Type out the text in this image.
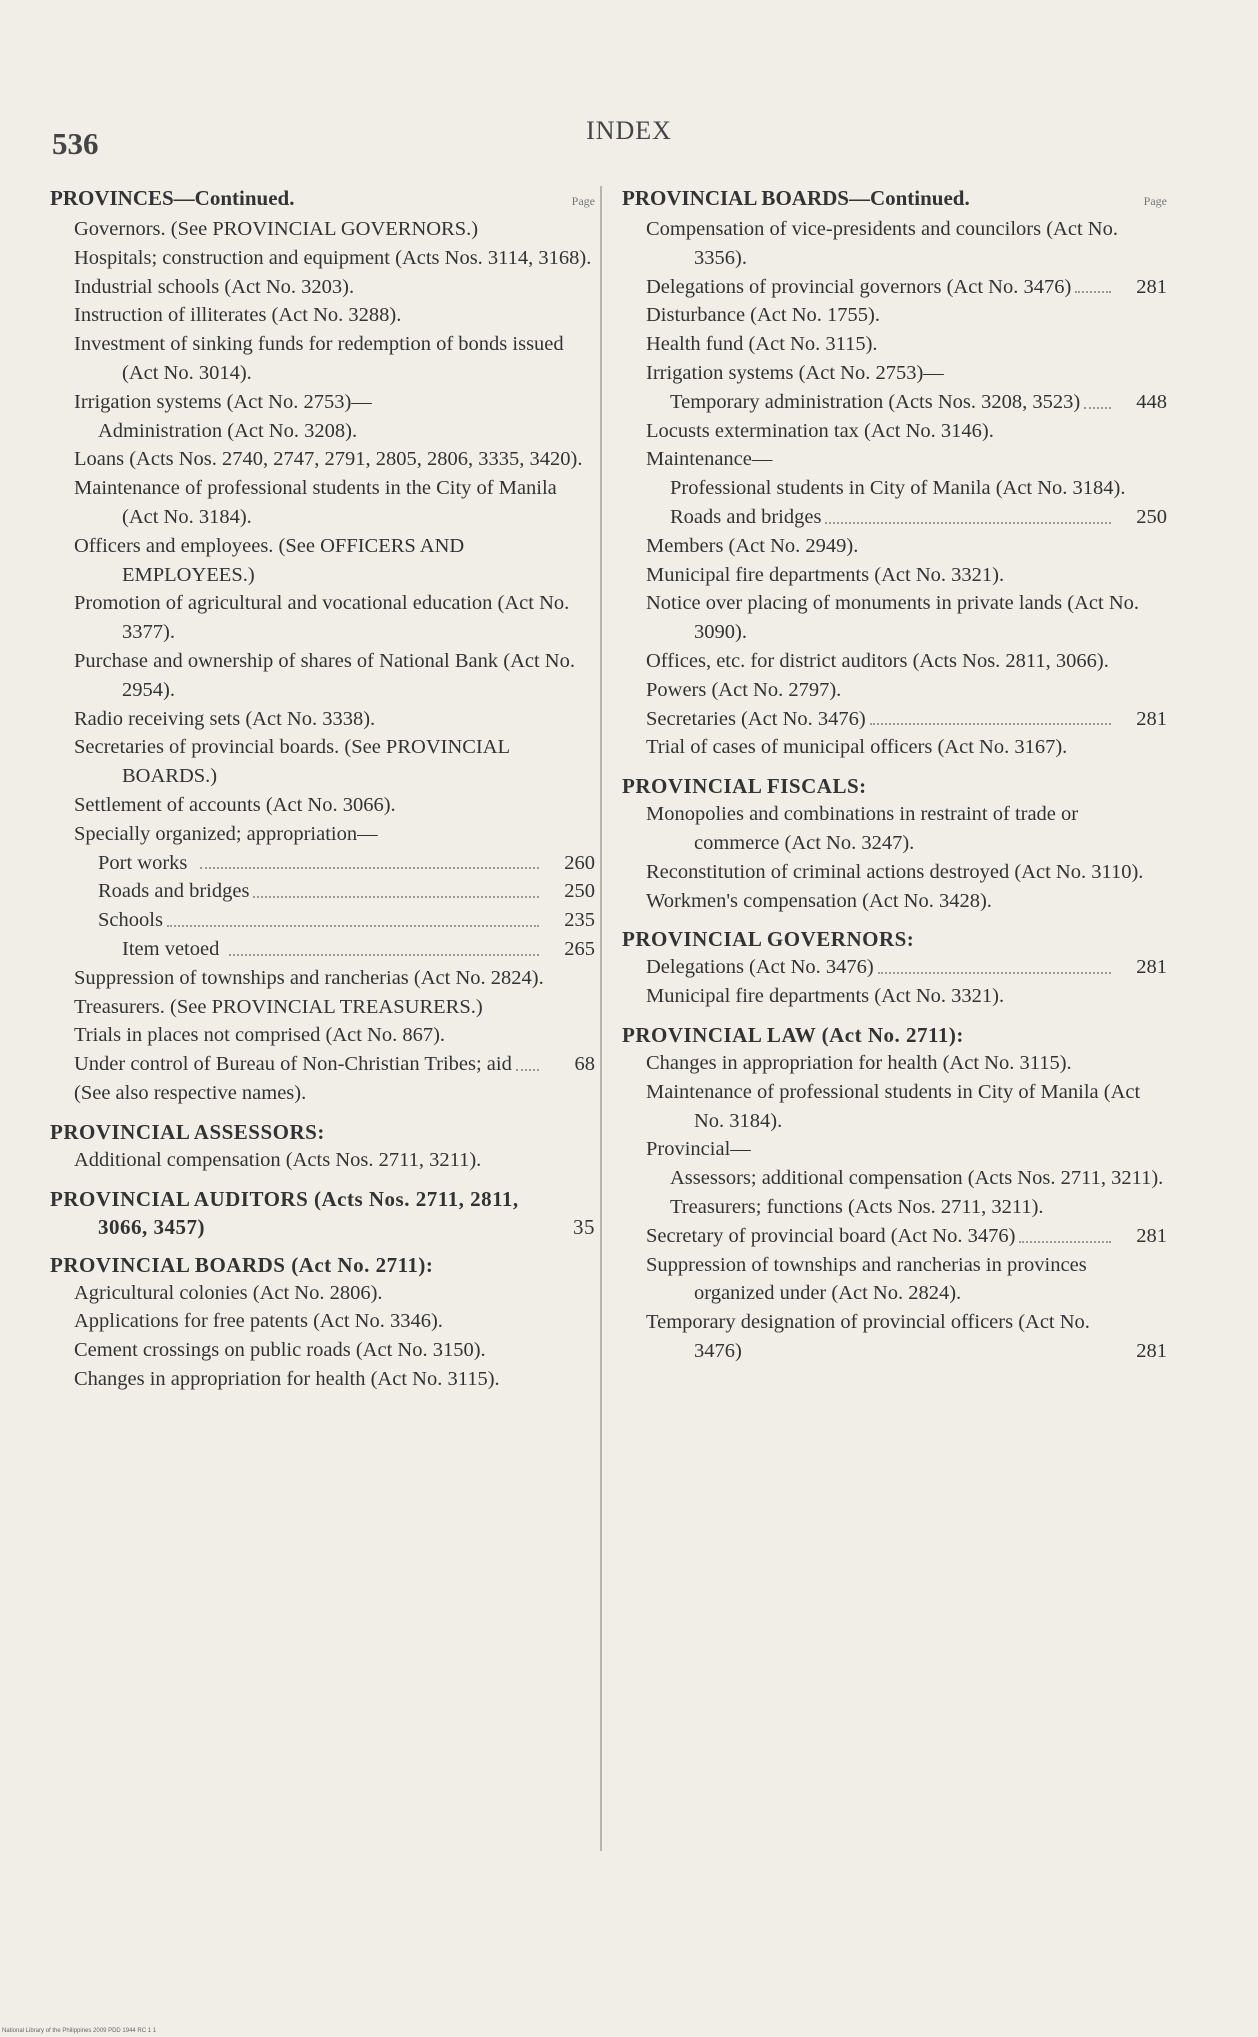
536	INDEX
PROVINCES—Continued.	Page
Governors. (See PROVINCIAL GOVERNORS.)
Hospitals; construction and equipment (Acts Nos. 3114, 3168).
Industrial schools (Act No. 3203).
Instruction of illiterates (Act No. 3288).
Investment of sinking funds for redemption of bonds issued (Act No. 3014).
Irrigation systems (Act No. 2753)—
Administration (Act No. 3208).
Loans (Acts Nos. 2740, 2747, 2791, 2805, 2806, 3335, 3420).
Maintenance of professional students in the City of Manila (Act No. 3184).
Officers and employees. (See OFFICERS AND EMPLOYEES.)
Promotion of agricultural and vocational education (Act No. 3377).
Purchase and ownership of shares of National Bank (Act No. 2954).
Radio receiving sets (Act No. 3338).
Secretaries of provincial boards. (See PROVINCIAL BOARDS.)
Settlement of accounts (Act No. 3066).
Specially organized; appropriation—
Port works	260
Roads and bridges	250
Schools	235
Item vetoed	265
Suppression of townships and rancherias (Act No. 2824).
Treasurers. (See PROVINCIAL TREASURERS.)
Trials in places not comprised (Act No. 867).
Under control of Bureau of Non-Christian Tribes; aid	68
(See also respective names).
PROVINCIAL ASSESSORS:
Additional compensation (Acts Nos. 2711, 3211).
PROVINCIAL AUDITORS (Acts Nos. 2711, 2811, 3066, 3457)	35
PROVINCIAL BOARDS (Act No. 2711):
Agricultural colonies (Act No. 2806).
Applications for free patents (Act No. 3346).
Cement crossings on public roads (Act No. 3150).
Changes in appropriation for health (Act No. 3115).
PROVINCIAL BOARDS—Continued.	Page
Compensation of vice-presidents and councilors (Act No. 3356).
Delegations of provincial governors (Act No. 3476)	281
Disturbance (Act No. 1755).
Health fund (Act No. 3115).
Irrigation systems (Act No. 2753)—
Temporary administration (Acts Nos. 3208, 3523)	448
Locusts extermination tax (Act No. 3146).
Maintenance—
Professional students in City of Manila (Act No. 3184).
Roads and bridges	250
Members (Act No. 2949).
Municipal fire departments (Act No. 3321).
Notice over placing of monuments in private lands (Act No. 3090).
Offices, etc. for district auditors (Acts Nos. 2811, 3066).
Powers (Act No. 2797).
Secretaries (Act No. 3476)	281
Trial of cases of municipal officers (Act No. 3167).
PROVINCIAL FISCALS:
Monopolies and combinations in restraint of trade or commerce (Act No. 3247).
Reconstitution of criminal actions destroyed (Act No. 3110).
Workmen's compensation (Act No. 3428).
PROVINCIAL GOVERNORS:
Delegations (Act No. 3476)	281
Municipal fire departments (Act No. 3321).
PROVINCIAL LAW (Act No. 2711):
Changes in appropriation for health (Act No. 3115).
Maintenance of professional students in City of Manila (Act No. 3184).
Provincial—
Assessors; additional compensation (Acts Nos. 2711, 3211).
Treasurers; functions (Acts Nos. 2711, 3211).
Secretary of provincial board (Act No. 3476)	281
Suppression of townships and rancherias in provinces organized under (Act No. 2824).
Temporary designation of provincial officers (Act No. 3476)	281
National Library of the Philippines 2009 PDD 1944 RC 1 1
